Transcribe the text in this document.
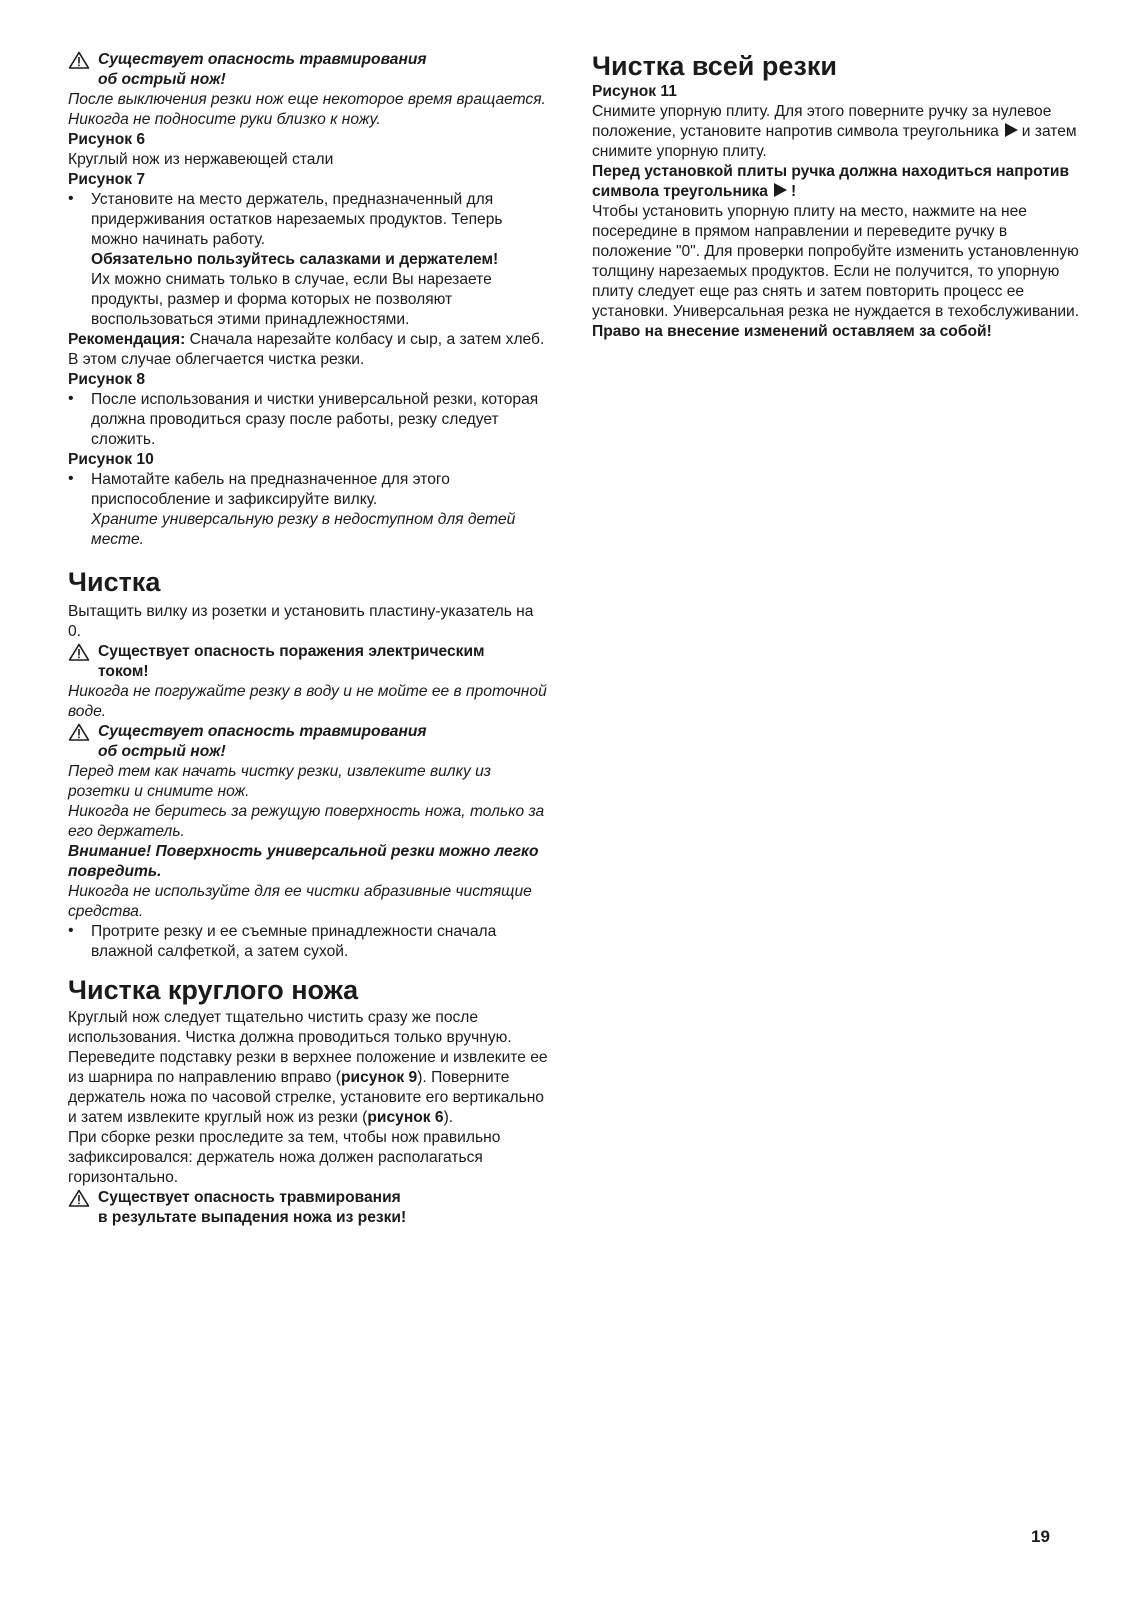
Существует опасность травмирования

об острый нож!

После выключения резки нож еще некоторое время вращается.

Никогда не подносите руки близко к ножу.

Рисунок 6

Круглый нож из нержавеющей стали

Рисунок 7

• Установите на место держатель, предназначенный для придерживания остатков нарезаемых продуктов. Теперь можно начинать работу.

Обязательно пользуйтесь салазками и держателем!

Их можно снимать только в случае, если Вы нарезаете продукты, размер и форма которых не позволяют воспользоваться этими принадлежностями.

Рекомендация: Сначала нарезайте колбасу и сыр, а затем хлеб. В этом случае облегчается чистка резки.

Рисунок 8

• После использования и чистки универсальной резки, которая должна проводиться сразу после работы, резку следует сложить.

Рисунок 10

• Намотайте кабель на предназначенное для этого приспособление и зафиксируйте вилку.

Храните универсальную резку в недоступном для детей месте.

Чистка

Вытащить вилку из розетки и установить пластину-указатель на 0.

Существует опасность поражения электрическим

током!

Никогда не погружайте резку в воду и не мойте ее в проточной воде.

Существует опасность травмирования

об острый нож!

Перед тем как начать чистку резки, извлеките вилку из розетки и снимите нож.

Никогда не беритесь за режущую поверхность ножа, только за его держатель.

Внимание! Поверхность универсальной резки можно легко повредить.

Никогда не используйте для ее чистки абразивные чистящие средства.

• Протрите резку и ее съемные принадлежности сначала влажной салфеткой, а затем сухой.

Чистка круглого ножа

Круглый нож следует тщательно чистить сразу же после использования. Чистка должна проводиться только вручную.

Переведите подставку резки в верхнее положение и извлеките ее из шарнира по направлению вправо (рисунок 9). Поверните держатель ножа по часовой стрелке, установите его вертикально и затем извлеките круглый нож из резки (рисунок 6).

При сборке резки проследите за тем, чтобы нож правильно зафиксировался: держатель ножа должен располагаться горизонтально.

Существует опасность травмирования

в результате выпадения ножа из резки!

Чистка всей резки

Рисунок 11

Снимите упорную плиту. Для этого поверните ручку за нулевое положение, установите напротив символа треугольника и затем снимите упорную плиту.

Перед установкой плиты ручка должна находиться напротив символа треугольника !

Чтобы установить упорную плиту на место, нажмите на нее посередине в прямом направлении и переведите ручку в положение "0". Для проверки попробуйте изменить установленную толщину нарезаемых продуктов. Если не получится, то упорную плиту следует еще раз снять и затем повторить процесс ее установки. Универсальная резка не нуждается в техобслуживании.

Право на внесение изменений оставляем за собой!

19
